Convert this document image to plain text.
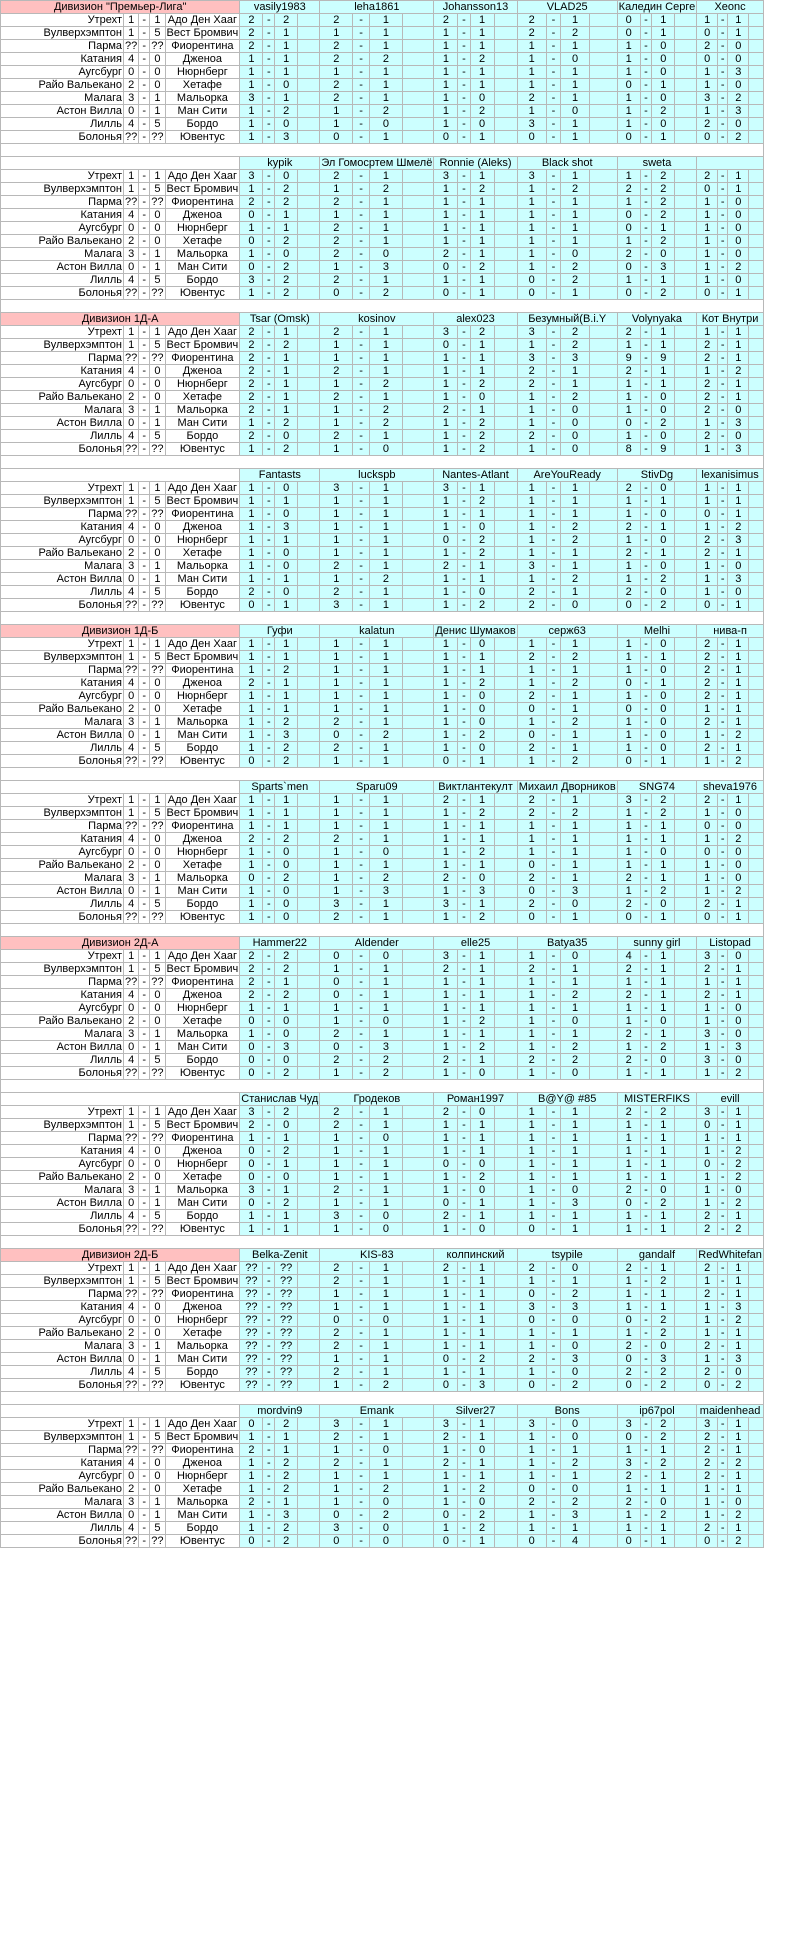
Дивизион "Премьер-Лига"					vasily1983				leha1861				Johansson13				VLAD25				Каледин Серге				Xeonc			
Утрехт	1	-	1	Адо Ден Хааг	2	-	2		2	-	1		2	-	1		2	-	1		0	-	1		1	-	1	
Вулверхэмптон	1	-	5	Вест Бромвич	2	-	1		1	-	1		1	-	1		2	-	2		0	-	1		0	-	1	
Парма	??	-	??	Фиорентина	2	-	1		2	-	1		1	-	1		1	-	1		1	-	0		2	-	0	
Катания	4	-	0	Дженоа	1	-	1		2	-	2		1	-	2		1	-	0		1	-	0		0	-	0	
Аугсбург	0	-	0	Нюрнберг	1	-	1		1	-	1		1	-	1		1	-	1		1	-	0		1	-	3	
Райо Вальекано	2	-	0	Хетафе	1	-	0		2	-	1		1	-	1		1	-	1		0	-	1		1	-	0	
Малага	3	-	1	Мальорка	3	-	1		2	-	1		1	-	0		2	-	1		1	-	0		3	-	2	
Астон Вилла	0	-	1	Ман Сити	1	-	2		1	-	2		1	-	2		1	-	0		1	-	2		1	-	3	
Лилль	4	-	5	Бордо	1	-	0		1	-	0		1	-	0		3	-	1		1	-	0		2	-	0	
Болонья	??	-	??	Ювентус	1	-	3		0	-	1		0	-	1		0	-	1		0	-	1		0	-	2	

					kypik				Эл Гомосртем Шмелё				Ronnie (Aleks)				Black shot				sweta							
Утрехт	1	-	1	Адо Ден Хааг	3	-	0		2	-	1		3	-	1		3	-	1		1	-	2		2	-	1	
Вулверхэмптон	1	-	5	Вест Бромвич	1	-	2		1	-	2		1	-	2		1	-	2		2	-	2		0	-	1	
Парма	??	-	??	Фиорентина	2	-	2		2	-	1		1	-	1		1	-	1		1	-	2		1	-	0	
Катания	4	-	0	Дженоа	0	-	1		1	-	1		1	-	1		1	-	1		0	-	2		1	-	0	
Аугсбург	0	-	0	Нюрнберг	1	-	1		2	-	1		1	-	1		1	-	1		0	-	1		1	-	0	
Райо Вальекано	2	-	0	Хетафе	0	-	2		2	-	1		1	-	1		1	-	1		1	-	2		1	-	0	
Малага	3	-	1	Мальорка	1	-	0		2	-	0		2	-	1		1	-	0		2	-	0		1	-	0	
Астон Вилла	0	-	1	Ман Сити	0	-	2		1	-	3		0	-	2		1	-	2		0	-	3		1	-	2	
Лилль	4	-	5	Бордо	3	-	2		2	-	1		1	-	1		0	-	2		1	-	1		1	-	0	
Болонья	??	-	??	Ювентус	1	-	2		0	-	2		0	-	1		0	-	1		0	-	2		0	-	1	

Дивизион 1Д-А					Tsar (Omsk)				kosinov				alex023				Безумный(B.i.Y				Volynyaka				Кот Внутри			
Утрехт	1	-	1	Адо Ден Хааг	2	-	1		2	-	1		3	-	2		3	-	2		2	-	1		1	-	1	
Вулверхэмптон	1	-	5	Вест Бромвич	2	-	2		1	-	1		0	-	1		1	-	2		1	-	1		2	-	1	
Парма	??	-	??	Фиорентина	2	-	1		1	-	1		1	-	1		3	-	3		9	-	9		2	-	1	
Катания	4	-	0	Дженоа	2	-	1		2	-	1		1	-	1		2	-	1		2	-	1		1	-	2	
Аугсбург	0	-	0	Нюрнберг	2	-	1		1	-	2		1	-	2		2	-	1		1	-	1		2	-	1	
Райо Вальекано	2	-	0	Хетафе	2	-	1		2	-	1		1	-	0		1	-	2		1	-	0		2	-	1	
Малага	3	-	1	Мальорка	2	-	1		1	-	2		2	-	1		1	-	0		1	-	0		2	-	0	
Астон Вилла	0	-	1	Ман Сити	1	-	2		1	-	2		1	-	2		1	-	0		0	-	2		1	-	3	
Лилль	4	-	5	Бордо	2	-	0		2	-	1		1	-	2		2	-	0		1	-	0		2	-	0	
Болонья	??	-	??	Ювентус	1	-	2		1	-	0		1	-	2		1	-	0		8	-	9		1	-	3	

					Fantasts				luckspb				Nantes-Atlant				AreYouReady				StivDg				lexanisimus			
Утрехт	1	-	1	Адо Ден Хааг	1	-	0		3	-	1		3	-	1		1	-	1		2	-	0		1	-	1	
Вулверхэмптон	1	-	5	Вест Бромвич	1	-	1		1	-	1		1	-	2		1	-	1		1	-	1		1	-	1	
Парма	??	-	??	Фиорентина	1	-	0		1	-	1		1	-	1		1	-	1		1	-	0		0	-	1	
Катания	4	-	0	Дженоа	1	-	3		1	-	1		1	-	0		1	-	2		2	-	1		1	-	2	
Аугсбург	0	-	0	Нюрнберг	1	-	1		1	-	1		0	-	2		1	-	2		1	-	0		2	-	3	
Райо Вальекано	2	-	0	Хетафе	1	-	0		1	-	1		1	-	2		1	-	1		2	-	1		2	-	1	
Малага	3	-	1	Мальорка	1	-	0		2	-	1		2	-	1		3	-	1		1	-	0		1	-	0	
Астон Вилла	0	-	1	Ман Сити	1	-	1		1	-	2		1	-	1		1	-	2		1	-	2		1	-	3	
Лилль	4	-	5	Бордо	2	-	0		2	-	1		1	-	0		2	-	1		2	-	0		1	-	0	
Болонья	??	-	??	Ювентус	0	-	1		3	-	1		1	-	2		2	-	0		0	-	2		0	-	1	

Дивизион 1Д-Б					Гуфи				kalatun				Денис Шумаков				серж63				Melhi				нива-п			
Утрехт	1	-	1	Адо Ден Хааг	1	-	1		1	-	1		1	-	0		1	-	1		1	-	0		2	-	1	
Вулверхэмптон	1	-	5	Вест Бромвич	1	-	1		1	-	1		1	-	1		2	-	2		1	-	1		2	-	1	
Парма	??	-	??	Фиорентина	1	-	2		1	-	1		1	-	1		1	-	1		1	-	0		2	-	1	
Катания	4	-	0	Дженоа	2	-	1		1	-	1		1	-	2		1	-	2		0	-	1		2	-	1	
Аугсбург	0	-	0	Нюрнберг	1	-	1		1	-	1		1	-	0		2	-	1		1	-	0		2	-	1	
Райо Вальекано	2	-	0	Хетафе	1	-	1		1	-	1		1	-	0		0	-	1		0	-	0		1	-	1	
Малага	3	-	1	Мальорка	1	-	2		2	-	1		1	-	0		1	-	2		1	-	0		2	-	1	
Астон Вилла	0	-	1	Ман Сити	1	-	3		0	-	2		1	-	2		0	-	1		1	-	0		1	-	2	
Лилль	4	-	5	Бордо	1	-	2		2	-	1		1	-	0		2	-	1		1	-	0		2	-	1	
Болонья	??	-	??	Ювентус	0	-	2		1	-	1		0	-	1		1	-	2		0	-	1		1	-	2	

					Sparts`men				Sparu09				Виктлантекулт				Михаил Дворников				SNG74				sheva1976			
Утрехт	1	-	1	Адо Ден Хааг	1	-	1		1	-	1		2	-	1		2	-	1		3	-	2		2	-	1	
Вулверхэмптон	1	-	5	Вест Бромвич	1	-	1		1	-	1		1	-	2		2	-	2		1	-	2		1	-	0	
Парма	??	-	??	Фиорентина	1	-	1		1	-	1		1	-	1		1	-	1		1	-	1		0	-	0	
Катания	4	-	0	Дженоа	2	-	2		2	-	1		1	-	1		1	-	1		1	-	1		1	-	2	
Аугсбург	0	-	0	Нюрнберг	1	-	0		1	-	0		1	-	2		1	-	1		1	-	0		0	-	0	
Райо Вальекано	2	-	0	Хетафе	1	-	0		1	-	1		1	-	1		0	-	1		1	-	1		1	-	0	
Малага	3	-	1	Мальорка	0	-	2		1	-	2		2	-	0		2	-	1		2	-	1		1	-	0	
Астон Вилла	0	-	1	Ман Сити	1	-	0		1	-	3		1	-	3		0	-	3		1	-	2		1	-	2	
Лилль	4	-	5	Бордо	1	-	0		3	-	1		3	-	1		2	-	0		2	-	0		2	-	1	
Болонья	??	-	??	Ювентус	1	-	0		2	-	1		1	-	2		0	-	1		0	-	1		0	-	1	

Дивизион 2Д-А					Hammer22				Aldender				elle25				Batya35				sunny girl				Listopad			
Утрехт	1	-	1	Адо Ден Хааг	2	-	2		0	-	0		3	-	1		1	-	0		4	-	1		3	-	0	
Вулверхэмптон	1	-	5	Вест Бромвич	2	-	2		1	-	1		2	-	1		2	-	1		2	-	1		2	-	1	
Парма	??	-	??	Фиорентина	2	-	1		0	-	1		1	-	1		1	-	1		1	-	1		1	-	1	
Катания	4	-	0	Дженоа	2	-	2		0	-	1		1	-	1		1	-	2		2	-	1		2	-	1	
Аугсбург	0	-	0	Нюрнберг	1	-	1		1	-	1		1	-	1		1	-	1		1	-	1		1	-	0	
Райо Вальекано	2	-	0	Хетафе	0	-	0		1	-	0		1	-	2		1	-	0		1	-	0		1	-	0	
Малага	3	-	1	Мальорка	1	-	0		2	-	1		1	-	1		1	-	1		2	-	1		3	-	0	
Астон Вилла	0	-	1	Ман Сити	0	-	3		0	-	3		1	-	2		1	-	2		1	-	2		1	-	3	
Лилль	4	-	5	Бордо	0	-	0		2	-	2		2	-	1		2	-	2		2	-	0		3	-	0	
Болонья	??	-	??	Ювентус	0	-	2		1	-	2		1	-	0		1	-	0		1	-	1		1	-	2	

					Станислав Чуд				Гродеков				Роман1997				B@Y@ #85				MISTERFIKS				evill			
Утрехт	1	-	1	Адо Ден Хааг	3	-	2		2	-	1		2	-	0		1	-	1		2	-	2		3	-	1	
Вулверхэмптон	1	-	5	Вест Бромвич	2	-	0		2	-	1		1	-	1		1	-	1		1	-	1		0	-	1	
Парма	??	-	??	Фиорентина	1	-	1		1	-	0		1	-	1		1	-	1		1	-	1		1	-	1	
Катания	4	-	0	Дженоа	0	-	2		1	-	1		1	-	1		1	-	1		1	-	1		1	-	2	
Аугсбург	0	-	0	Нюрнберг	0	-	1		1	-	1		0	-	0		1	-	1		1	-	1		0	-	2	
Райо Вальекано	2	-	0	Хетафе	0	-	0		1	-	1		1	-	2		1	-	1		1	-	1		1	-	2	
Малага	3	-	1	Мальорка	3	-	1		2	-	1		1	-	0		1	-	0		2	-	0		1	-	0	
Астон Вилла	0	-	1	Ман Сити	0	-	2		1	-	1		0	-	1		1	-	3		0	-	2		1	-	2	
Лилль	4	-	5	Бордо	1	-	1		3	-	0		2	-	1		1	-	1		1	-	1		2	-	1	
Болонья	??	-	??	Ювентус	1	-	1		1	-	0		1	-	0		0	-	1		1	-	1		2	-	2	

Дивизион 2Д-Б					Belka-Zenit				KIS-83				колпинский				tsypile				gandalf				RedWhitefan			
Утрехт	1	-	1	Адо Ден Хааг	??	-	??		2	-	1		2	-	1		2	-	0		2	-	1		2	-	1	
Вулверхэмптон	1	-	5	Вест Бромвич	??	-	??		2	-	1		1	-	1		1	-	1		1	-	2		1	-	1	
Парма	??	-	??	Фиорентина	??	-	??		1	-	1		1	-	1		0	-	2		1	-	1		2	-	1	
Катания	4	-	0	Дженоа	??	-	??		1	-	1		1	-	1		3	-	3		1	-	1		1	-	3	
Аугсбург	0	-	0	Нюрнберг	??	-	??		0	-	0		1	-	1		0	-	0		0	-	2		1	-	2	
Райо Вальекано	2	-	0	Хетафе	??	-	??		2	-	1		1	-	1		1	-	1		1	-	2		1	-	1	
Малага	3	-	1	Мальорка	??	-	??		2	-	1		1	-	1		1	-	0		2	-	0		2	-	1	
Астон Вилла	0	-	1	Ман Сити	??	-	??		1	-	1		0	-	2		2	-	3		0	-	3		1	-	3	
Лилль	4	-	5	Бордо	??	-	??		2	-	1		1	-	1		1	-	0		2	-	2		2	-	0	
Болонья	??	-	??	Ювентус	??	-	??		1	-	2		0	-	3		0	-	2		0	-	2		0	-	2	

					mordvin9				Emank				Silver27				Bons				ip67pol				maidenhead			
Утрехт	1	-	1	Адо Ден Хааг	0	-	2		3	-	1		3	-	1		3	-	0		3	-	2		3	-	1	
Вулверхэмптон	1	-	5	Вест Бромвич	1	-	1		2	-	1		2	-	1		1	-	0		0	-	2		2	-	1	
Парма	??	-	??	Фиорентина	2	-	1		1	-	0		1	-	0		1	-	1		1	-	1		2	-	1	
Катания	4	-	0	Дженоа	1	-	2		2	-	1		2	-	1		1	-	2		3	-	2		2	-	2	
Аугсбург	0	-	0	Нюрнберг	1	-	2		1	-	1		1	-	1		1	-	1		2	-	1		2	-	1	
Райо Вальекано	2	-	0	Хетафе	1	-	2		1	-	2		1	-	2		0	-	0		1	-	1		1	-	1	
Малага	3	-	1	Мальорка	2	-	1		1	-	0		1	-	0		2	-	2		2	-	0		1	-	0	
Астон Вилла	0	-	1	Ман Сити	1	-	3		0	-	2		0	-	2		1	-	3		1	-	2		1	-	2	
Лилль	4	-	5	Бордо	1	-	2		3	-	0		1	-	2		1	-	1		1	-	1		2	-	1	
Болонья	??	-	??	Ювентус	0	-	2		0	-	0		0	-	1		0	-	4		0	-	1		0	-	2	
